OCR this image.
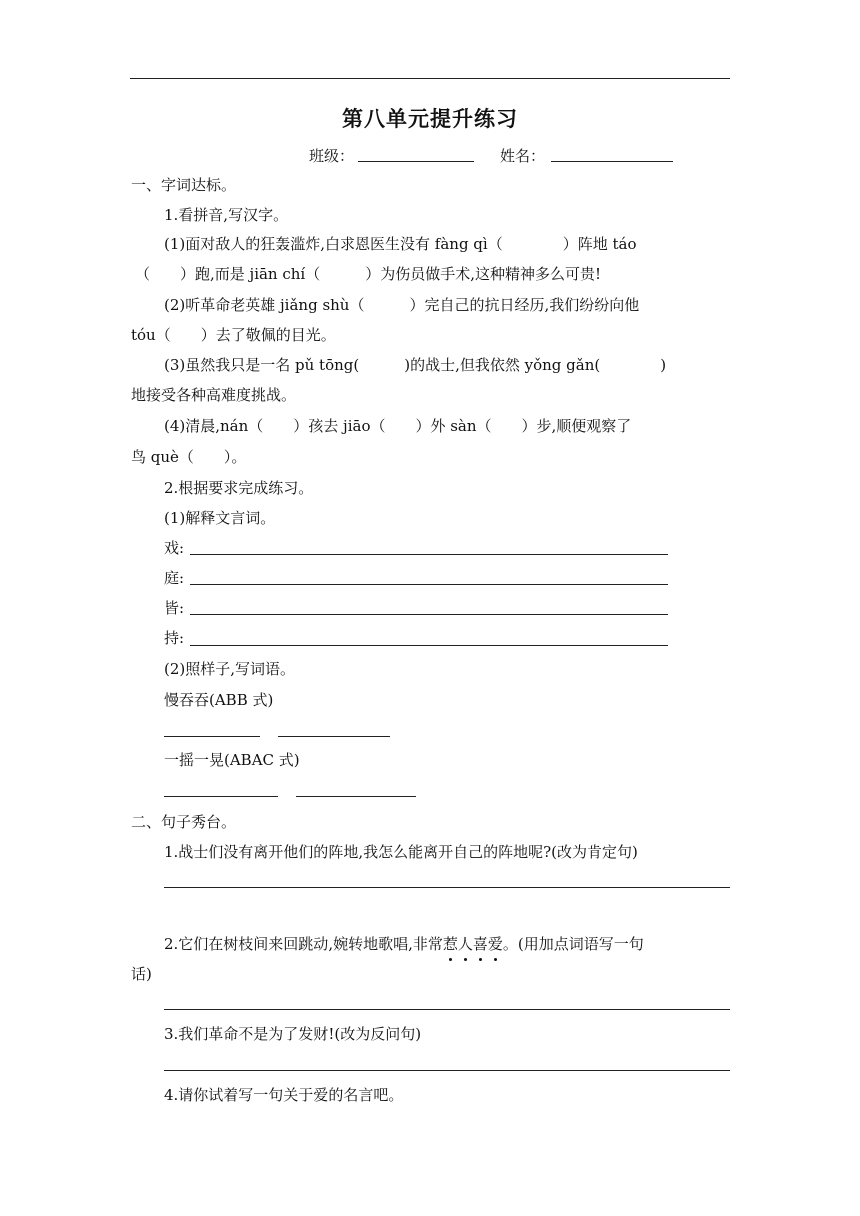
第八单元提升练习
班级：	姓名：
一、字词达标。
1.看拼音,写汉字。
(1)面对敌人的狂轰滥炸,白求恩医生没有 fàng qì（　　　　）阵地 táo
（　　）跑,而是 jiān chí（　　　）为伤员做手术,这种精神多么可贵!
(2)听革命老英雄 jiǎng shù（　　　）完自己的抗日经历,我们纷纷向他
tóu（　　）去了敬佩的目光。
(3)虽然我只是一名 pǔ tōng(　　　)的战士,但我依然 yǒng gǎn(　　　　)
地接受各种高难度挑战。
(4)清晨,nán（　　）孩去 jiāo（　　）外 sàn（　　）步,顺便观察了
鸟 què（　　）。
2.根据要求完成练习。
(1)解释文言词。
戏:
庭:
皆:
持:
(2)照样子,写词语。
慢吞吞(ABB 式)
一摇一晃(ABAC 式)
二、句子秀台。
1.战士们没有离开他们的阵地,我怎么能离开自己的阵地呢?(改为肯定句)
2.它们在树枝间来回跳动,婉转地歌唱,非常惹人喜爱。(用加点词语写一句
话)
3.我们革命不是为了发财!(改为反问句)
4.请你试着写一句关于爱的名言吧。
